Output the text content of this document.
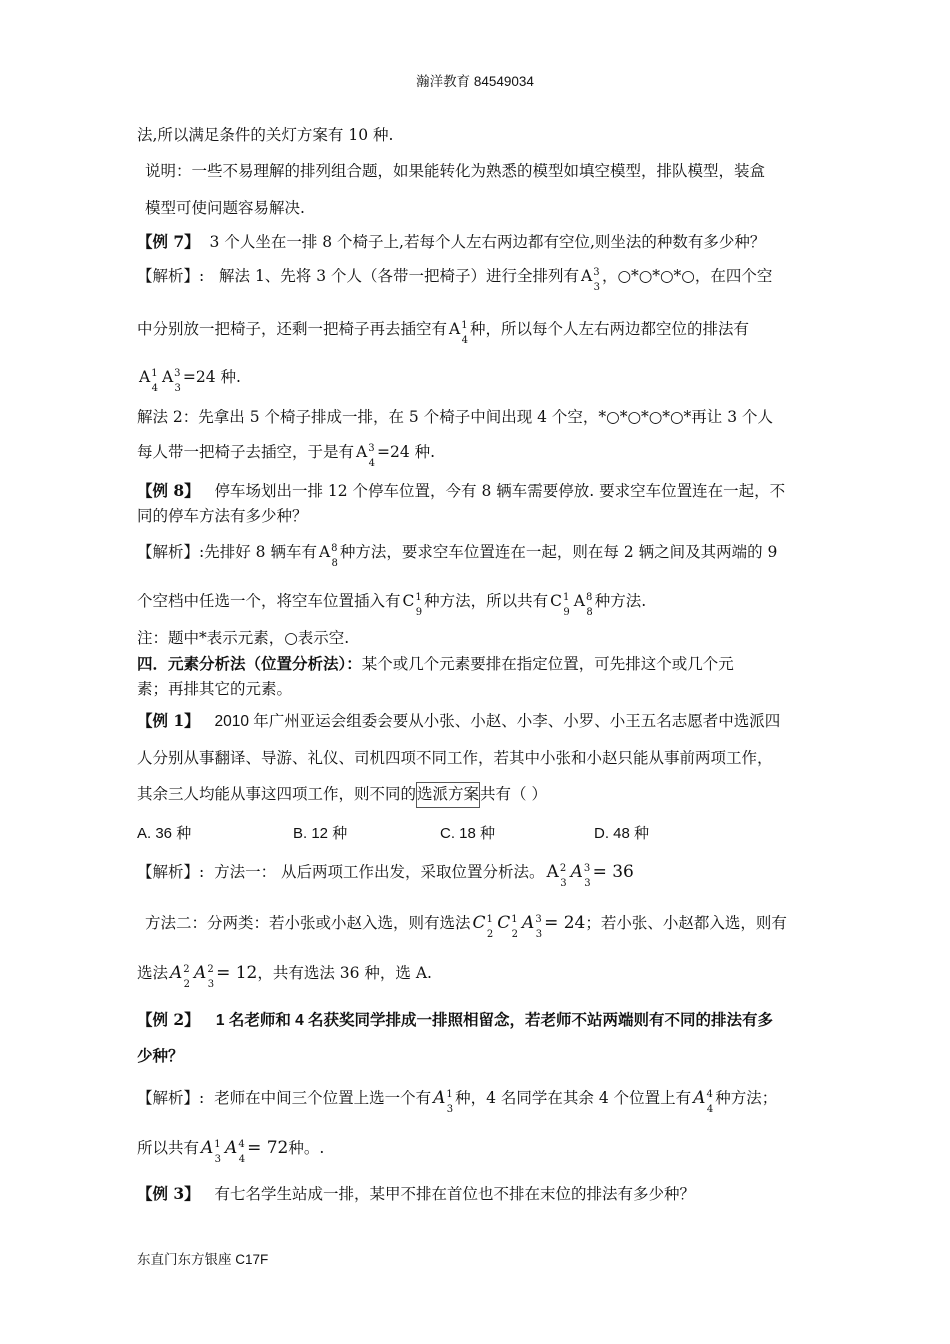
瀚洋教育 84549034
法,所以满足条件的关灯方案有 10 种.
说明：一些不易理解的排列组合题，如果能转化为熟悉的模型如填空模型，排队模型，装盒
模型可使问题容易解决.
【例 7】 3 个人坐在一排 8 个椅子上,若每个人左右两边都有空位,则坐法的种数有多少种？
【解析】: 解法 1、先将 3 个人（各带一把椅子）进行全排列有 $A^3_3$，○*○*○*○，在四个空
中分别放一把椅子，还剩一把椅子再去插空有 $A^1_4$种，所以每个人左右两边都空位的排法有
$A^1_4A^3_3=24$ 种.
解法 2：先拿出 5 个椅子排成一排，在 5 个椅子中间出现 4 个空，*○*○*○*○*再让 3 个人
每人带一把椅子去插空，于是有 $A^3_4=24$ 种.
【例 8】 停车场划出一排 12 个停车位置，今有 8 辆车需要停放. 要求空车位置连在一起，不
同的停车方法有多少种？
【解析】:先排好 8 辆车有 $A^8_8$种方法，要求空车位置连在一起，则在每 2 辆之间及其两端的 9
个空档中任选一个，将空车位置插入有 $C^1_9$种方法，所以共有 $C^1_9A^8_8$种方法.
注：题中*表示元素，○表示空.
四．元素分析法（位置分析法）：某个或几个元素要排在指定位置，可先排这个或几个元
素；再排其它的元素。
【例 1】 2010 年广州亚运会组委会要从小张、小赵、小李、小罗、小王五名志愿者中选派四
人分别从事翻译、导游、礼仪、司机四项不同工作，若其中小张和小赵只能从事前两项工作，
其余三人均能从事这四项工作，则不同的选派方案共有（ ）
A. 36 种	B. 12 种	C. 18 种	D. 48 种
【解析】: 方法一： 从后两项工作出发，采取位置分析法。 $A^2_3A^3_3= 36$
方法二：分两类：若小张或小赵入选，则有选法 $C^1_2C^1_2A^3_3= 24$；若小张、小赵都入选，则有
选法 $A^2_2A^2_3= 12$，共有选法 36 种，选 A.
【例 2】 1 名老师和 4 名获奖同学排成一排照相留念，若老师不站两端则有不同的排法有多
少种？
【解析】: 老师在中间三个位置上选一个有 $A^1_3$种，4 名同学在其余 4 个位置上有 $A^4_4$种方法；
所以共有 $A^1_3A^4_4= 72$种。.
【例 3】 有七名学生站成一排，某甲不排在首位也不排在末位的排法有多少种？
东直门东方银座 C17F
